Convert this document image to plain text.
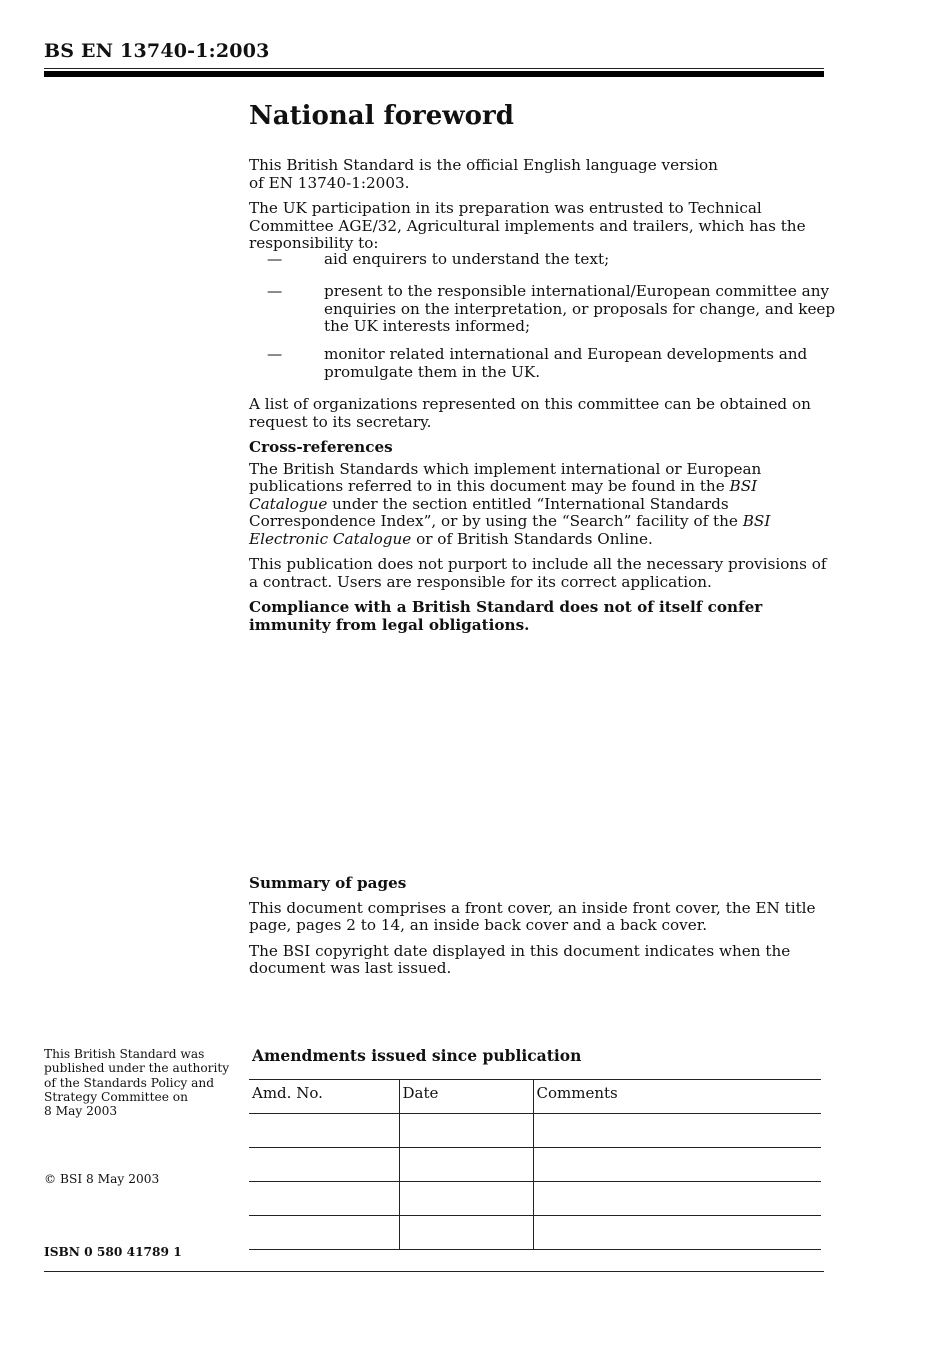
BS EN 13740-1:2003
National foreword

This British Standard is the official English language version

of EN 13740-1:2003.

The UK participation in its preparation was entrusted to Technical Committee AGE/32, Agricultural implements and trailers, which has the responsibility to:

—	aid enquirers to understand the text;
—	present to the responsible international/European committee any enquiries on the interpretation, or proposals for change, and keep the UK interests informed;
—	monitor related international and European developments and promulgate them in the UK.

A list of organizations represented on this committee can be obtained on request to its secretary.

Cross-references

The British Standards which implement international or European publications referred to in this document may be found in the BSI Catalogue under the section entitled “International Standards Correspondence Index”, or by using the “Search” facility of the BSI Electronic Catalogue or of British Standards Online.

This publication does not purport to include all the necessary provisions of a contract. Users are responsible for its correct application.

Compliance with a British Standard does not of itself confer immunity from legal obligations.

Summary of pages

This document comprises a front cover, an inside front cover, the EN title page, pages 2 to 14, an inside back cover and a back cover.

The BSI copyright date displayed in this document indicates when the document was last issued.

This British Standard was
published under the authority
of the Standards Policy and
Strategy Committee on
8 May 2003
© BSI 8 May 2003
ISBN 0 580 41789 1
Amendments issued since publication
Amd. No.	Date	Comments
